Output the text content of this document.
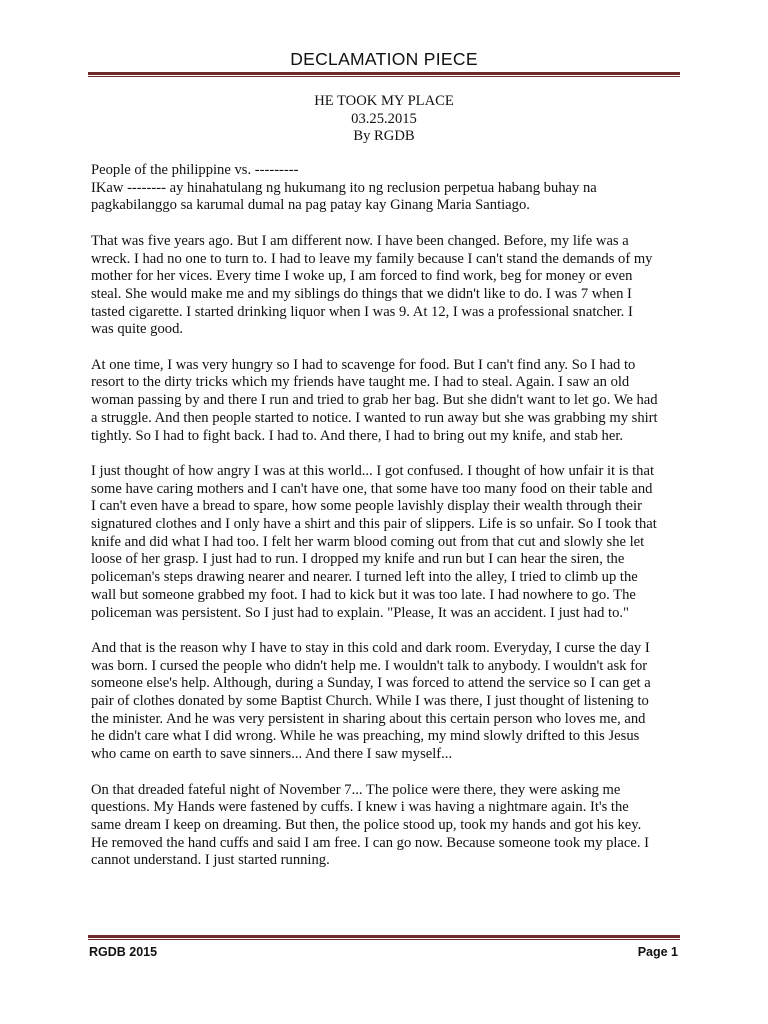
DECLAMATION PIECE
HE TOOK MY PLACE
03.25.2015
By RGDB

People of the philippine vs. ---------
IKaw -------- ay hinahatulang ng hukumang ito ng reclusion perpetua habang buhay na
pagkabilanggo sa karumal dumal na pag patay kay Ginang Maria Santiago.

That was five years ago. But I am different now. I have been changed. Before, my life was a
wreck. I had no one to turn to. I had to leave my family because I can't stand the demands of my
mother for her vices. Every time I woke up, I am forced to find work, beg for money or even
steal. She would make me and my siblings do things that we didn't like to do. I was 7 when I
tasted cigarette. I started drinking liquor when I was 9. At 12, I was a professional snatcher. I
was quite good.

At one time, I was very hungry so I had to scavenge for food. But I can't find any. So I had to
resort to the dirty tricks which my friends have taught me. I had to steal. Again. I saw an old
woman passing by and there I run and tried to grab her bag. But she didn't want to let go. We had
a struggle. And then people started to notice. I wanted to run away but she was grabbing my shirt
tightly. So I had to fight back. I had to. And there, I had to bring out my knife, and stab her.

I just thought of how angry I was at this world... I got confused. I thought of how unfair it is that
some have caring mothers and I can't have one, that some have too many food on their table and
I can't even have a bread to spare, how some people lavishly display their wealth through their
signatured clothes and I only have a shirt and this pair of slippers. Life is so unfair. So I took that
knife and did what I had too. I felt her warm blood coming out from that cut and slowly she let
loose of her grasp. I just had to run. I dropped my knife and run but I can hear the siren, the
policeman's steps drawing nearer and nearer. I turned left into the alley, I tried to climb up the
wall but someone grabbed my foot. I had to kick but it was too late. I had nowhere to go. The
policeman was persistent. So I just had to explain. "Please, It was an accident. I just had to."

And that is the reason why I have to stay in this cold and dark room. Everyday, I curse the day I
was born. I cursed the people who didn't help me. I wouldn't talk to anybody. I wouldn't ask for
someone else's help. Although, during a Sunday, I was forced to attend the service so I can get a
pair of clothes donated by some Baptist Church. While I was there, I just thought of listening to
the minister. And he was very persistent in sharing about this certain person who loves me, and
he didn't care what I did wrong. While he was preaching, my mind slowly drifted to this Jesus
who came on earth to save sinners... And there I saw myself...

On that dreaded fateful night of November 7... The police were there, they were asking me
questions. My Hands were fastened by cuffs. I knew i was having a nightmare again. It's the
same dream I keep on dreaming. But then, the police stood up, took my hands and got his key.
He removed the hand cuffs and said I am free. I can go now. Because someone took my place. I
cannot understand. I just started running.

RGDB 2015	Page 1
